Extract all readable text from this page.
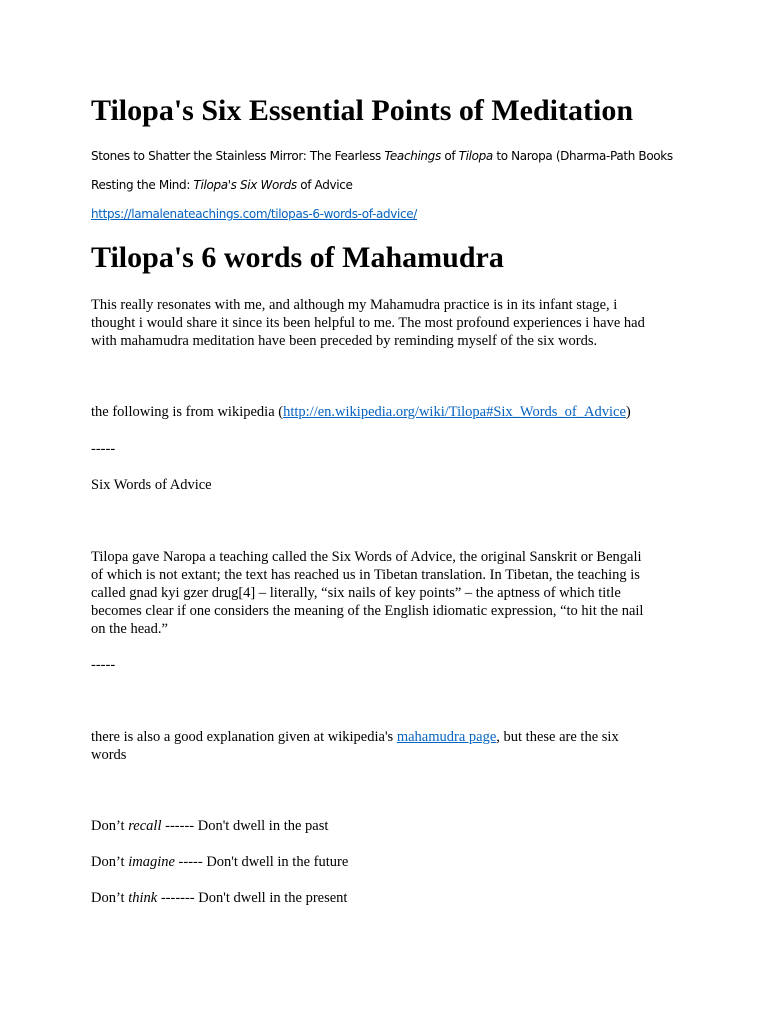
Tilopa's Six Essential Points of Meditation
Stones to Shatter the Stainless Mirror: The Fearless Teachings of Tilopa to Naropa (Dharma-Path Books
Resting the Mind: Tilopa's Six Words of Advice
https://lamalenateachings.com/tilopas-6-words-of-advice/
Tilopa's 6 words of Mahamudra
This really resonates with me, and although my Mahamudra practice is in its infant stage, i
thought i would share it since its been helpful to me. The most profound experiences i have had
with mahamudra meditation have been preceded by reminding myself of the six words.
the following is from wikipedia (http://en.wikipedia.org/wiki/Tilopa#Six_Words_of_Advice)
-----
Six Words of Advice
Tilopa gave Naropa a teaching called the Six Words of Advice, the original Sanskrit or Bengali
of which is not extant; the text has reached us in Tibetan translation. In Tibetan, the teaching is
called gnad kyi gzer drug[4] – literally, “six nails of key points” – the aptness of which title
becomes clear if one considers the meaning of the English idiomatic expression, “to hit the nail
on the head.”
-----
there is also a good explanation given at wikipedia's mahamudra page, but these are the six
words
Don’t recall ------ Don't dwell in the past
Don’t imagine ----- Don't dwell in the future
Don’t think ------- Don't dwell in the present
